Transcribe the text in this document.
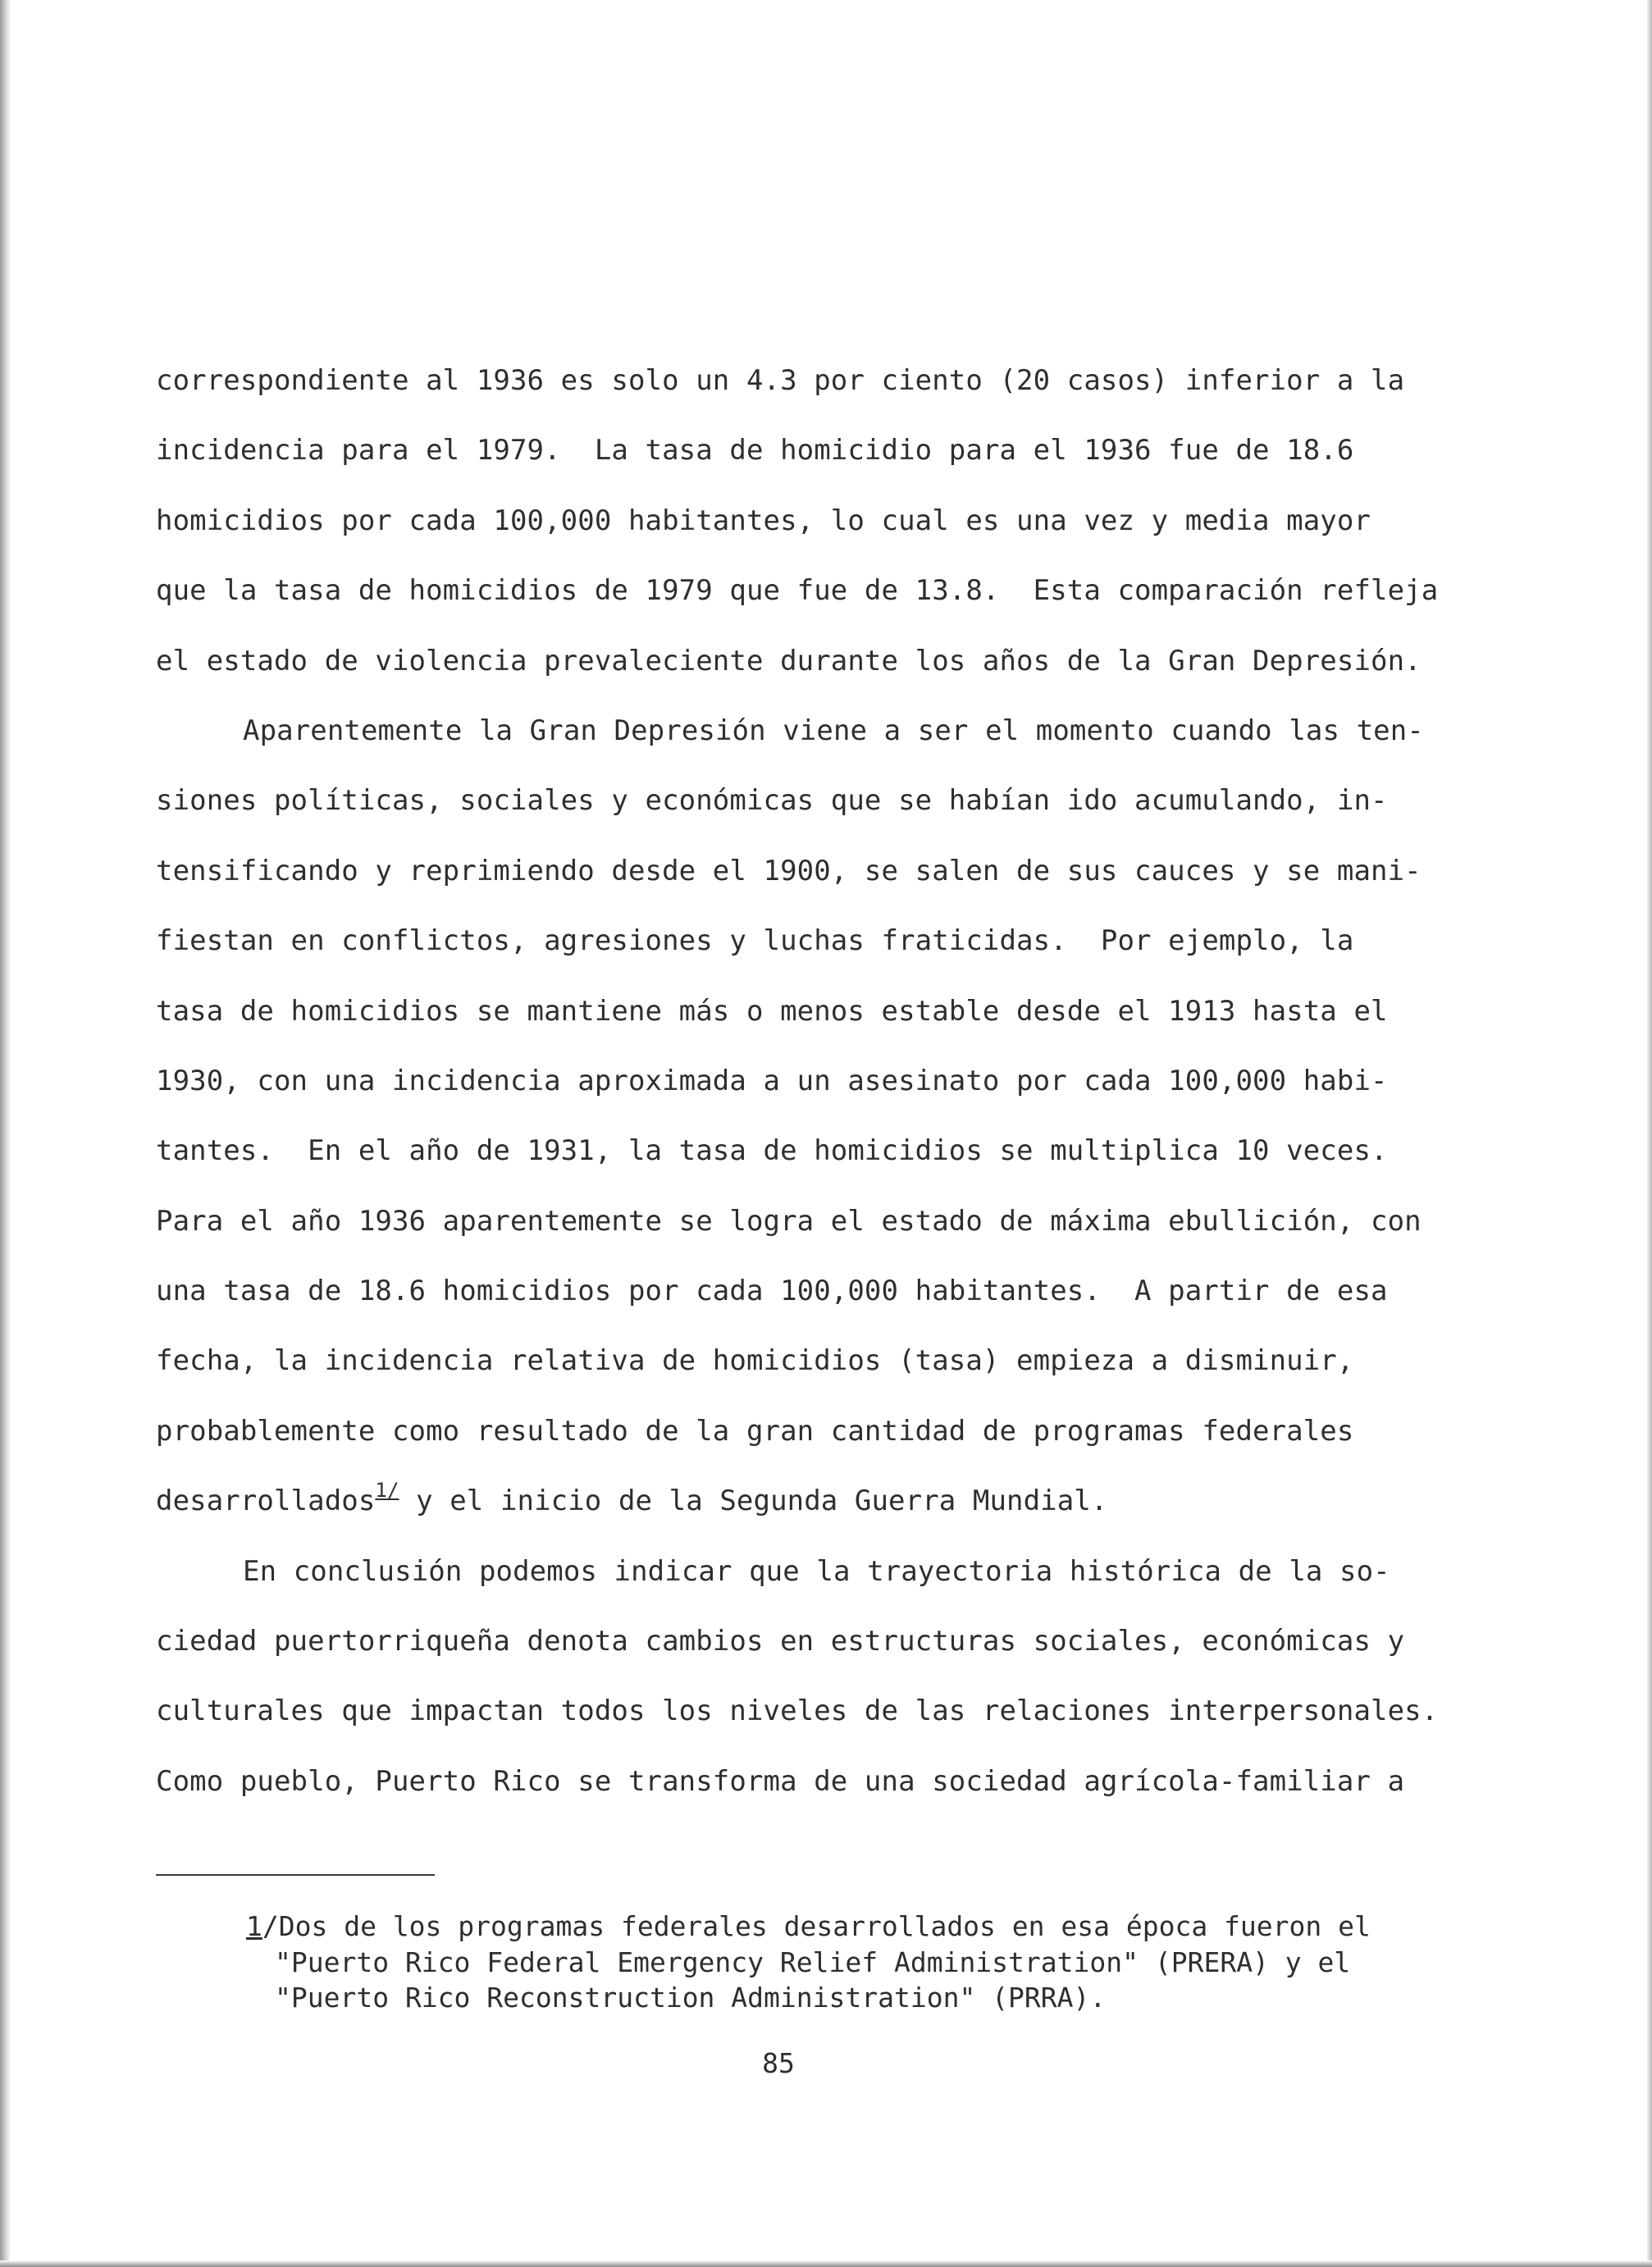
correspondiente al 1936 es solo un 4.3 por ciento (20 casos) inferior a la
incidencia para el 1979.  La tasa de homicidio para el 1936 fue de 18.6
homicidios por cada 100,000 habitantes, lo cual es una vez y media mayor
que la tasa de homicidios de 1979 que fue de 13.8.  Esta comparación refleja
el estado de violencia prevaleciente durante los años de la Gran Depresión.
Aparentemente la Gran Depresión viene a ser el momento cuando las ten-
siones políticas, sociales y económicas que se habían ido acumulando, in-
tensificando y reprimiendo desde el 1900, se salen de sus cauces y se mani-
fiestan en conflictos, agresiones y luchas fraticidas.  Por ejemplo, la
tasa de homicidios se mantiene más o menos estable desde el 1913 hasta el
1930, con una incidencia aproximada a un asesinato por cada 100,000 habi-
tantes.  En el año de 1931, la tasa de homicidios se multiplica 10 veces.
Para el año 1936 aparentemente se logra el estado de máxima ebullición, con
una tasa de 18.6 homicidios por cada 100,000 habitantes.  A partir de esa
fecha, la incidencia relativa de homicidios (tasa) empieza a disminuir,
probablemente como resultado de la gran cantidad de programas federales
desarrollados$^{1/}$ y el inicio de la Segunda Guerra Mundial.
En conclusión podemos indicar que la trayectoria histórica de la so-
ciedad puertorriqueña denota cambios en estructuras sociales, económicas y
culturales que impactan todos los niveles de las relaciones interpersonales.
Como pueblo, Puerto Rico se transforma de una sociedad agrícola-familiar a
1/Dos de los programas federales desarrollados en esa época fueron el
"Puerto Rico Federal Emergency Relief Administration" (PRERA) y el
"Puerto Rico Reconstruction Administration" (PRRA).
85
